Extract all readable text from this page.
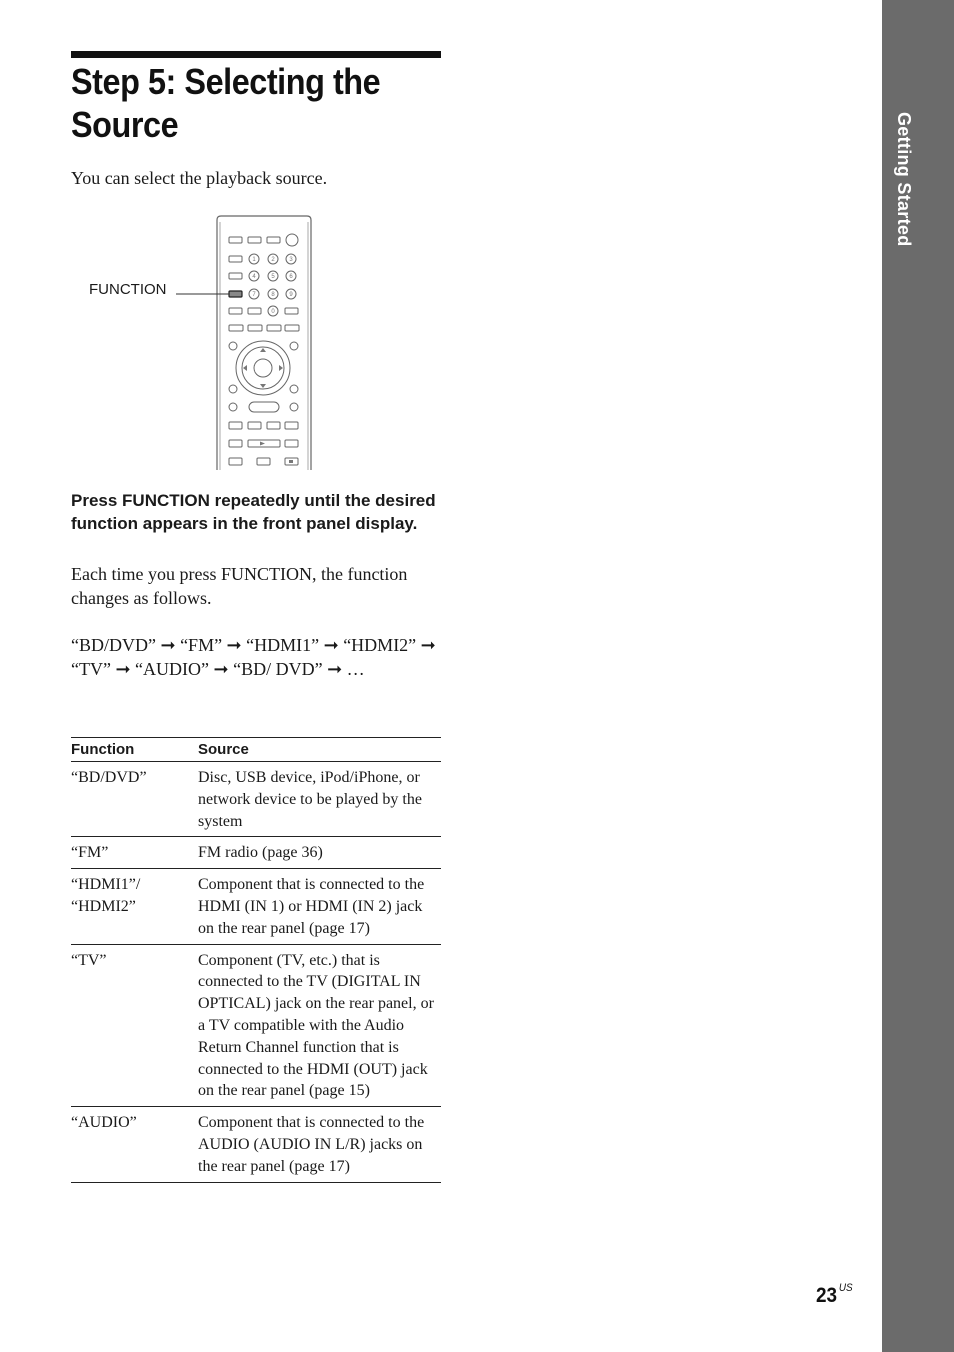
Step 5: Selecting the Source
You can select the playback source.
1	2 3
4	5 6
7	8 9
0
FUNCTION
Press FUNCTION repeatedly until the desired function appears in the front panel display.

Each time you press FUNCTION, the function changes as follows.

“BD/DVD” ➞ “FM” ➞ “HDMI1” ➞ “HDMI2” ➞ “TV” ➞ “AUDIO” ➞ “BD/ DVD” ➞ …

Function	Source
“BD/DVD”	Disc, USB device, iPod/iPhone, or network device to be played by the system
“FM”	FM radio (page 36)
“HDMI1”/ “HDMI2”	Component that is connected to the HDMI (IN 1) or HDMI (IN 2) jack on the rear panel (page 17)
“TV”	Component (TV, etc.) that is connected to the TV (DIGITAL IN OPTICAL) jack on the rear panel, or a TV compatible with the Audio Return Channel function that is connected to the HDMI (OUT) jack on the rear panel (page 15)
“AUDIO”	Component that is connected to the AUDIO (AUDIO IN L/R) jacks on the rear panel (page 17)
Getting Started
23 $^{US}$
